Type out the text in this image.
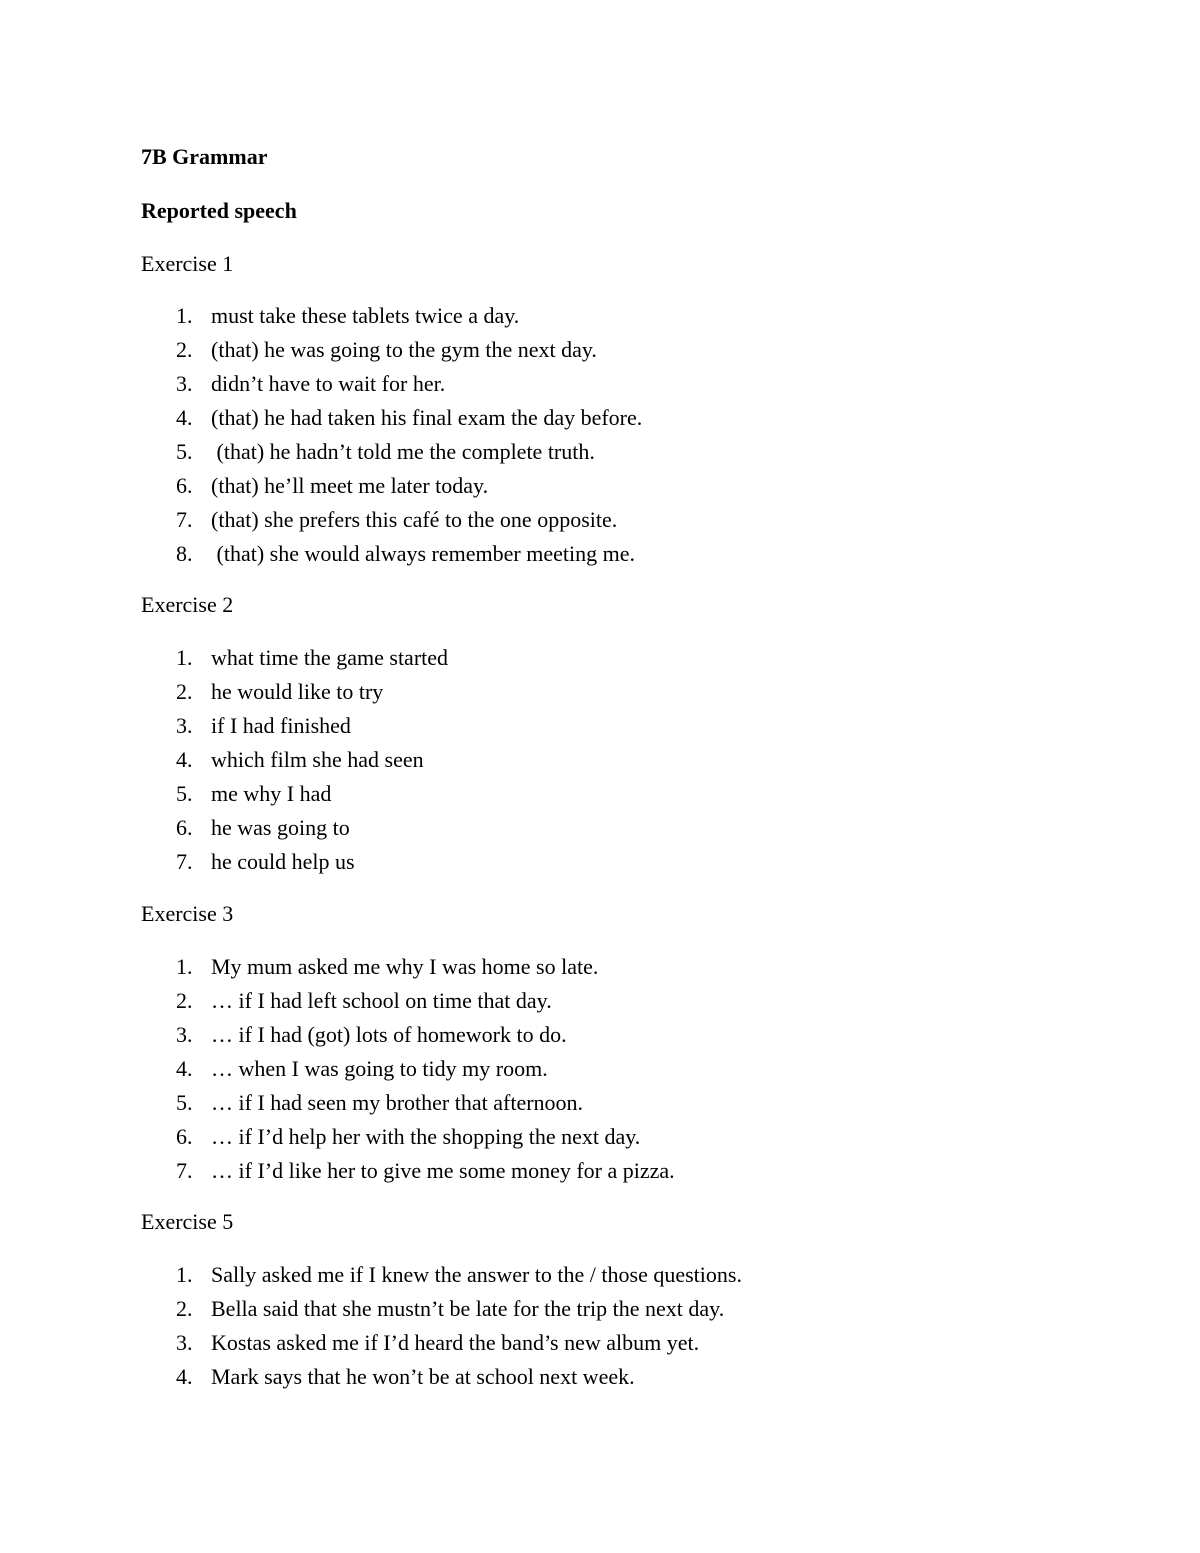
7B Grammar
Reported speech
Exercise 1
1. must take these tablets twice a day.
2. (that) he was going to the gym the next day.
3. didn’t have to wait for her.
4. (that) he had taken his final exam the day before.
5. (that) he hadn’t told me the complete truth.
6. (that) he’ll meet me later today.
7. (that) she prefers this café to the one opposite.
8. (that) she would always remember meeting me.
Exercise 2
1. what time the game started
2. he would like to try
3. if I had finished
4. which film she had seen
5. me why I had
6. he was going to
7. he could help us
Exercise 3
1. My mum asked me why I was home so late.
2. … if I had left school on time that day.
3. … if I had (got) lots of homework to do.
4. … when I was going to tidy my room.
5. … if I had seen my brother that afternoon.
6. … if I’d help her with the shopping the next day.
7. … if I’d like her to give me some money for a pizza.
Exercise 5
1. Sally asked me if I knew the answer to the / those questions.
2. Bella said that she mustn’t be late for the trip the next day.
3. Kostas asked me if I’d heard the band’s new album yet.
4. Mark says that he won’t be at school next week.
